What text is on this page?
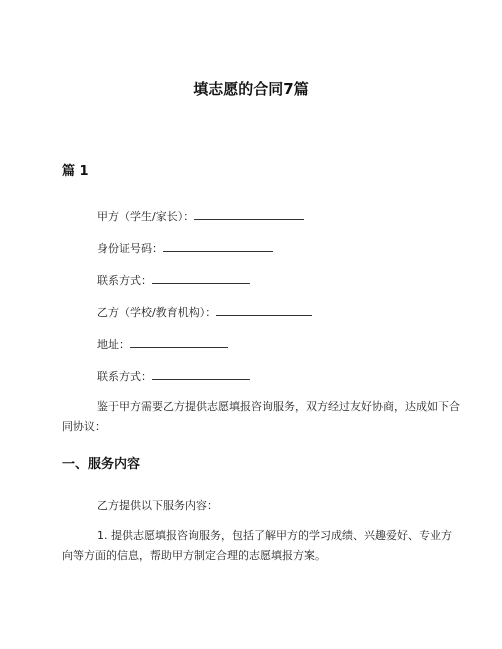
填志愿的合同7篇
篇 1
甲方（学生/家长）：
身份证号码：
联系方式：
乙方（学校/教育机构）：
地址：
联系方式：
鉴于甲方需要乙方提供志愿填报咨询服务，双方经过友好协商，达成如下合同协议：
一、服务内容
乙方提供以下服务内容：
1. 提供志愿填报咨询服务，包括了解甲方的学习成绩、兴趣爱好、专业方向等方面的信息，帮助甲方制定合理的志愿填报方案。
